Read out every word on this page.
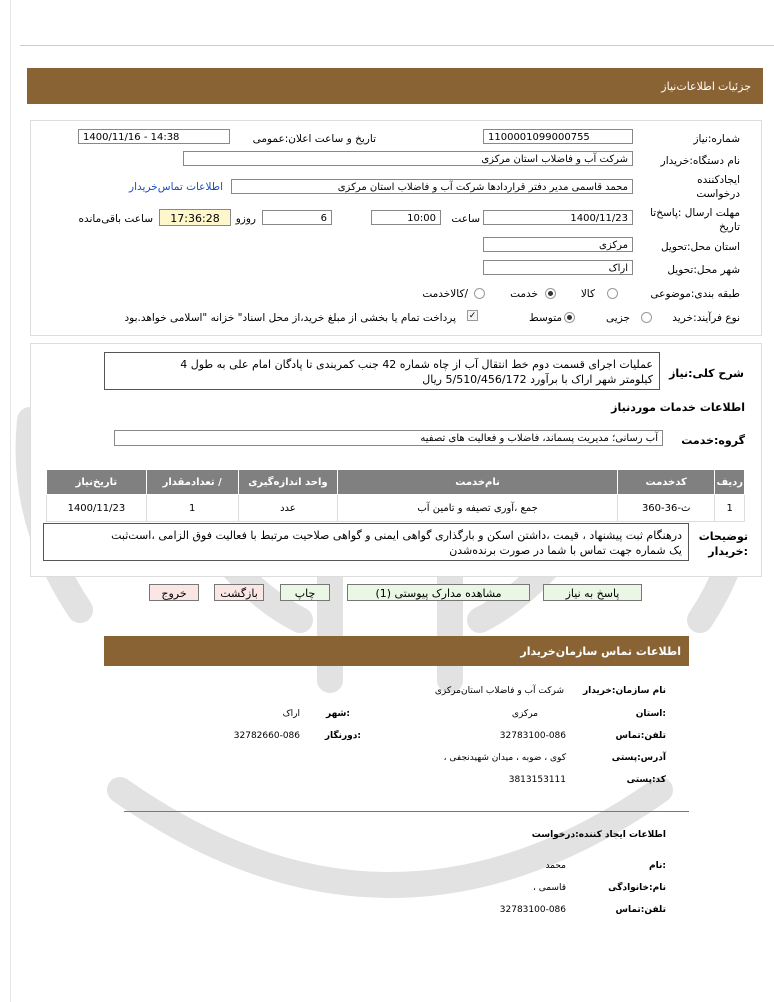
جزئیات
اطلاعات‌نیاز
شماره:نیاز
1100001099000755
تاریخ و ساعت اعلان:عمومی
1400/11/16 - 14:38
نام دستگاه:خریدار
شرکت آب و فاضلاب استان مرکزی
ایجادکننده
درخواست
محمد قاسمی مدیر دفتر قراردادها شرکت آب و فاضلاب استان مرکزی
اطلاعات تماس‌خریدار
مهلت ارسال :پاسخ‌تا
تاریخ
1400/11/23
ساعت
10:00
6
روزو
17:36:28
ساعت باقی‌مانده
استان محل:تحویل
مرکزی
شهر محل:تحویل
اراک
طبقه بندی:موضوعی
کالا
خدمت
/کالاخدمت
نوع فرآیند:
خرید
جزیی
متوسط
✓
پرداخت تمام یا بخشی از مبلغ خرید،از محل اسناد" خزانه "اسلامی خواهد.بود
شرح کلی:نیاز
عملیات اجرای قسمت دوم خط انتقال آب از چاه شماره 42 جنب کمربندی تا پادگان امام علی به طول 4
کیلومتر شهر اراک با برآورد 5/510/456/172 ریال
اطلاعات خدمات موردنیاز
گروه:خدمت
آب رسانی؛ مدیریت پسماند، فاضلاب و فعالیت های تصفیه
ردیف	کدخدمت	نام‌خدمت	واحد اندازه‌گیری	/ تعدادمقدار	تاریخ‌نیاز
1	ث-36-360	جمع ،آوری تصیفه و تامین آب	عدد	1	1400/11/23
توضیحات
:خریدار
درهنگام ثبت پیشنهاد ، قیمت ،داشتن اسکن و بارگذاری گواهی ایمنی و گواهی صلاحیت مرتبط با فعالیت فوق الزامی ،است‌ثبت
یک شماره جهت تماس با شما در صورت برنده‌شدن
پاسخ به نیاز
مشاهده مدارک پیوستی (1)
چاپ
بازگشت
خروج
اطلاعات تماس سازمان‌خریدار
نام سازمان:خریدار
شرکت آب و فاضلاب استان‌مرکزی
:استان
مرکزی
:شهر
اراک
تلفن:تماس
32783100-086
:دورنگار
32782660-086
آدرس:پستی
کوی ، ضوبه ، میدان شهیدنجفی ،
کد:پستی
3813153111
اطلاعات ایجاد کننده:درخواست
:نام
محمد
نام:خانوادگی
قاسمی ،
تلفن:تماس
32783100-086
